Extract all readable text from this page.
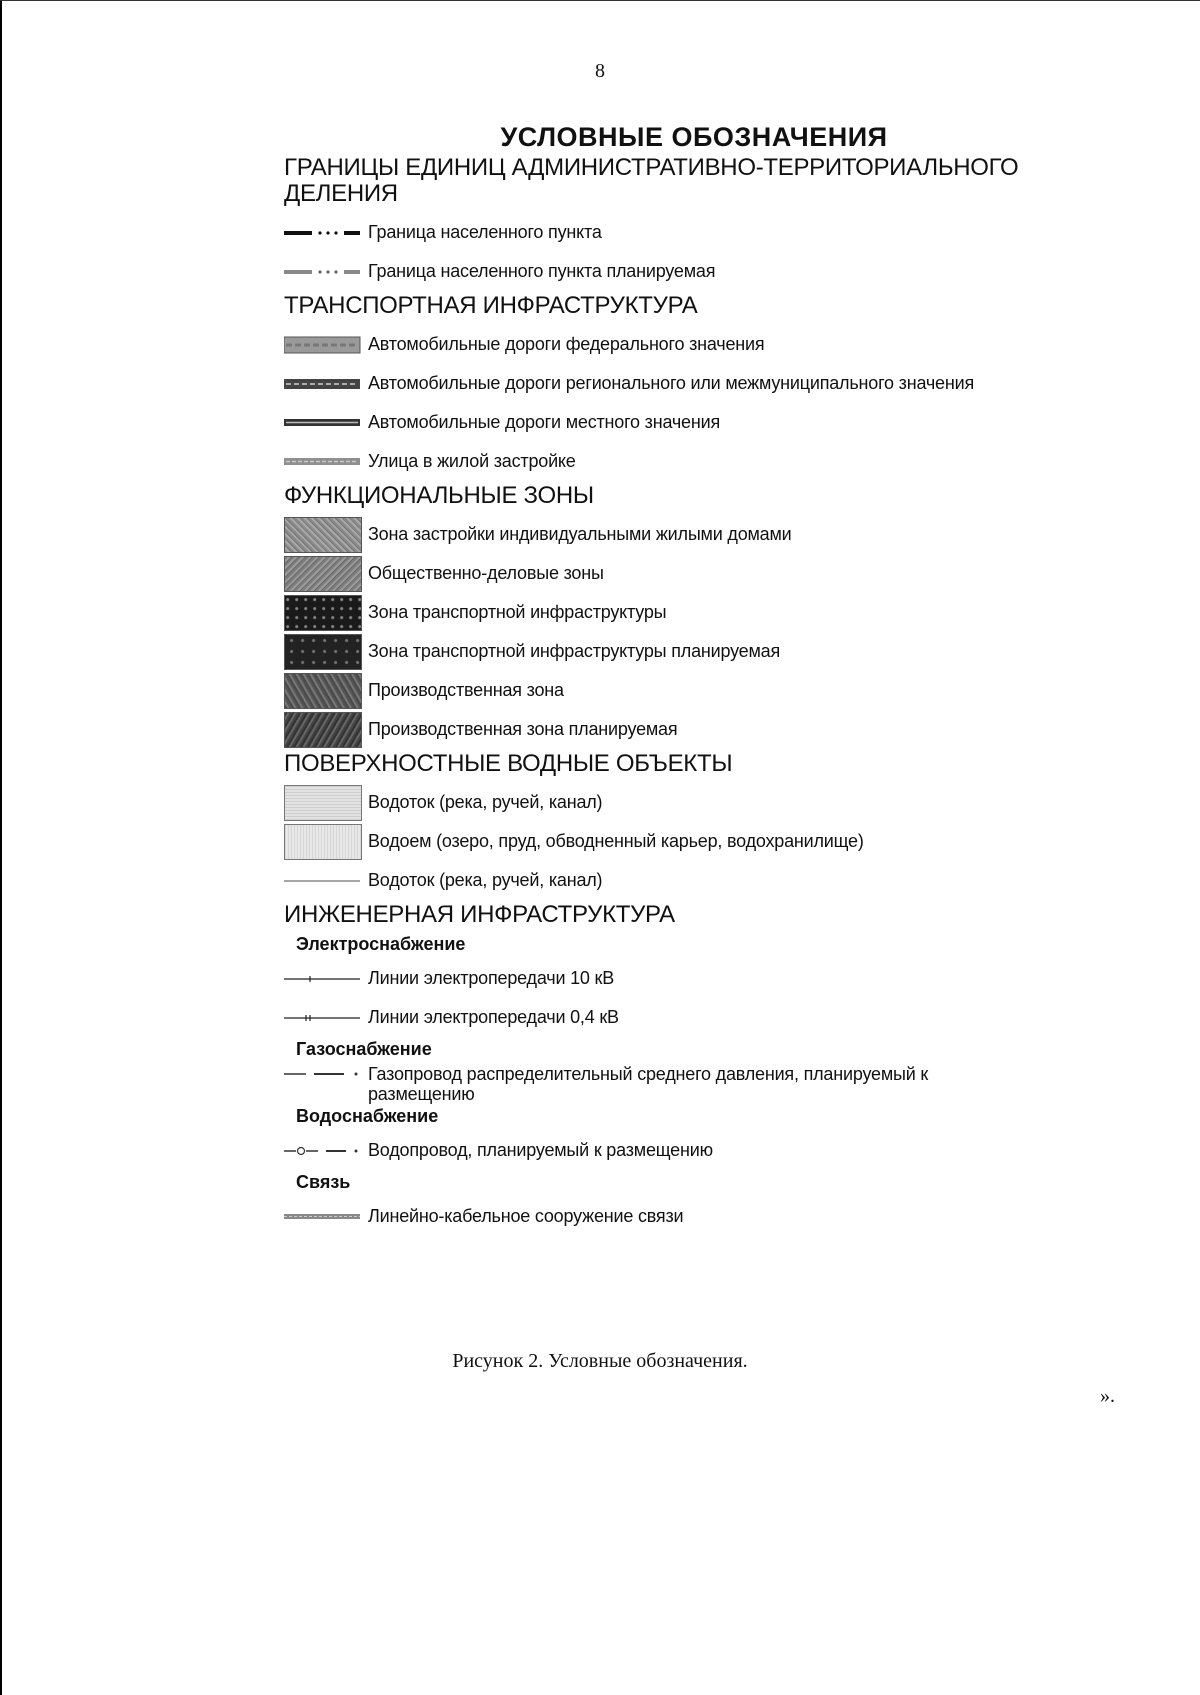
8
УСЛОВНЫЕ ОБОЗНАЧЕНИЯ
ГРАНИЦЫ ЕДИНИЦ АДМИНИСТРАТИВНО-ТЕРРИТОРИАЛЬНОГО ДЕЛЕНИЯ
Граница населенного пункта
Граница населенного пункта планируемая
ТРАНСПОРТНАЯ ИНФРАСТРУКТУРА
Автомобильные дороги федерального значения
Автомобильные дороги регионального или межмуниципального значения
Автомобильные дороги местного значения
Улица в жилой застройке
ФУНКЦИОНАЛЬНЫЕ ЗОНЫ
Зона застройки индивидуальными жилыми домами
Общественно-деловые зоны
Зона транспортной инфраструктуры
Зона транспортной инфраструктуры планируемая
Производственная зона
Производственная зона планируемая
ПОВЕРХНОСТНЫЕ ВОДНЫЕ ОБЪЕКТЫ
Водоток (река, ручей, канал)
Водоем (озеро, пруд, обводненный карьер, водохранилище)
Водоток (река, ручей, канал)
ИНЖЕНЕРНАЯ ИНФРАСТРУКТУРА
Электроснабжение
Линии электропередачи 10 кВ
Линии электропередачи 0,4 кВ
Газоснабжение
Газопровод распределительный среднего давления, планируемый к размещению
Водоснабжение
Водопровод, планируемый к размещению
Связь
Линейно-кабельное сооружение связи
Рисунок 2. Условные обозначения.
».
